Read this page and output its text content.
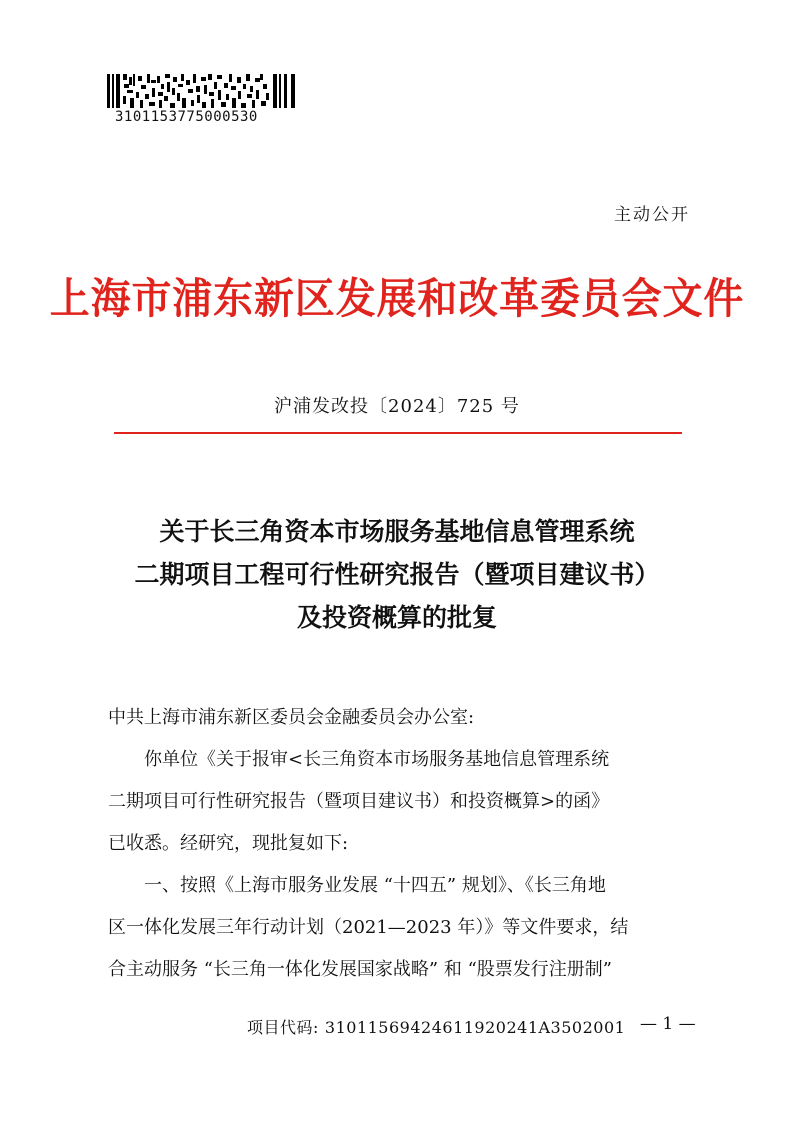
3101153775000530
主动公开
上海市浦东新区发展和改革委员会文件
沪浦发改投〔2024〕725 号
关于长三角资本市场服务基地信息管理系统
二期项目工程可行性研究报告（暨项目建议书）
及投资概算的批复
中共上海市浦东新区委员会金融委员会办公室:
你单位《关于报审<长三角资本市场服务基地信息管理系统
二期项目可行性研究报告（暨项目建议书）和投资概算>的函》
已收悉。经研究，现批复如下:
一、按照《上海市服务业发展 “十四五” 规划》、《长三角地
区一体化发展三年行动计划（2021—2023 年）》等文件要求，结
合主动服务 “长三角一体化发展国家战略” 和 “股票发行注册制”
项目代码: 31011569424611920241A3502001 — 1 —
